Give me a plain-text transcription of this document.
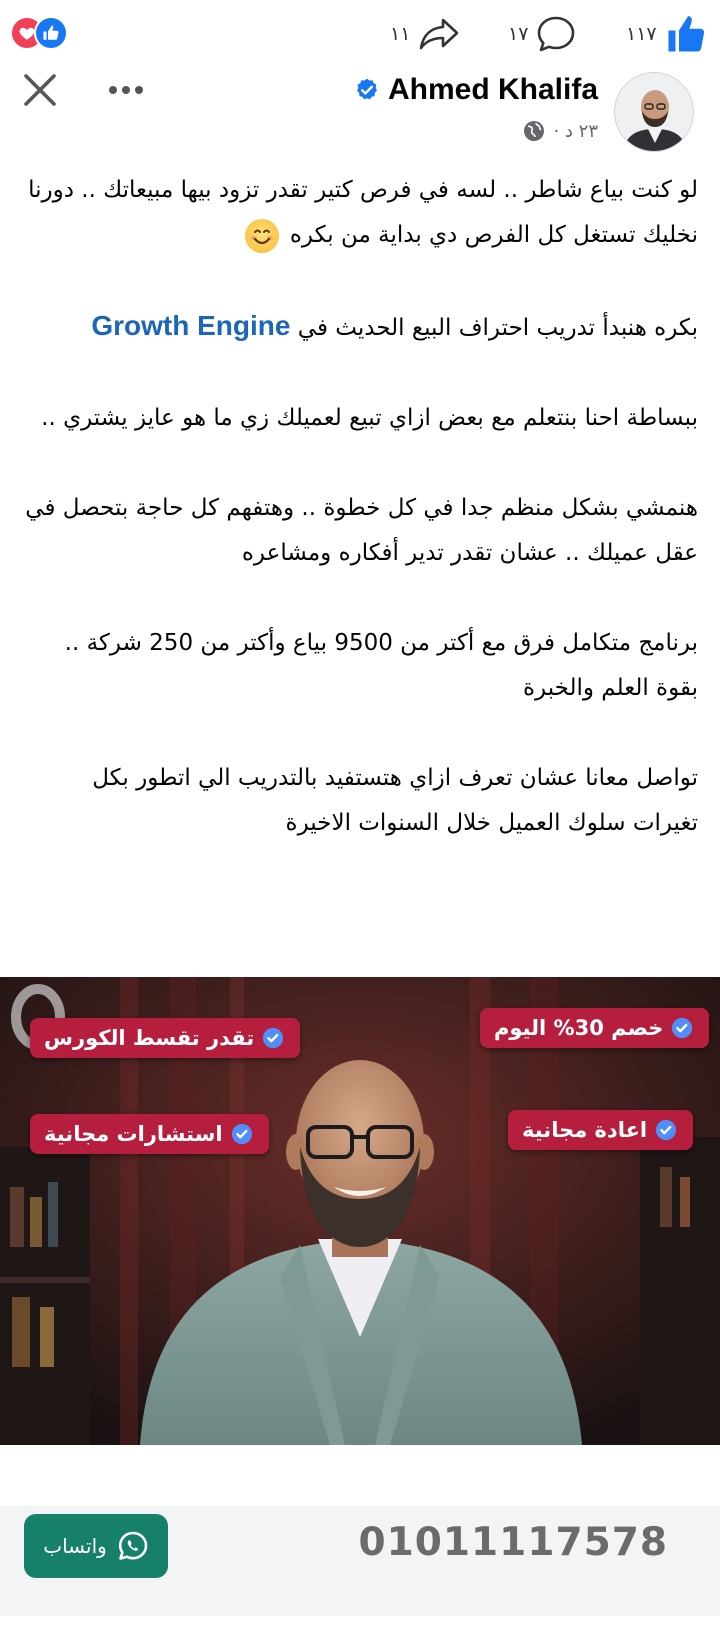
١١	١٧	١١٧
Ahmed Khalifa
٢٣ د ·

لو كنت بياع شاطر .. لسه في فرص كتير تقدر تزود بيها مبيعاتك .. دورنا نخليك تستغل كل الفرص دي بداية من بكره

بكره هنبدأ تدريب احتراف البيع الحديث في Growth Engine

ببساطة احنا بنتعلم مع بعض ازاي تبيع لعميلك زي ما هو عايز يشتري ..

هنمشي بشكل منظم جدا في كل خطوة .. وهتفهم كل حاجة بتحصل في عقل عميلك .. عشان تقدر تدير أفكاره ومشاعره

برنامج متكامل فرق مع أكتر من 9500 بياع وأكتر من 250 شركة .. بقوة العلم والخبرة

تواصل معانا عشان تعرف ازاي هتستفيد بالتدريب الي اتطور بكل تغيرات سلوك العميل خلال السنوات الاخيرة

تقدر تقسط الكورس	خصم 30% اليوم
استشارات مجانية	اعادة مجانية
واتساب	01011117578
